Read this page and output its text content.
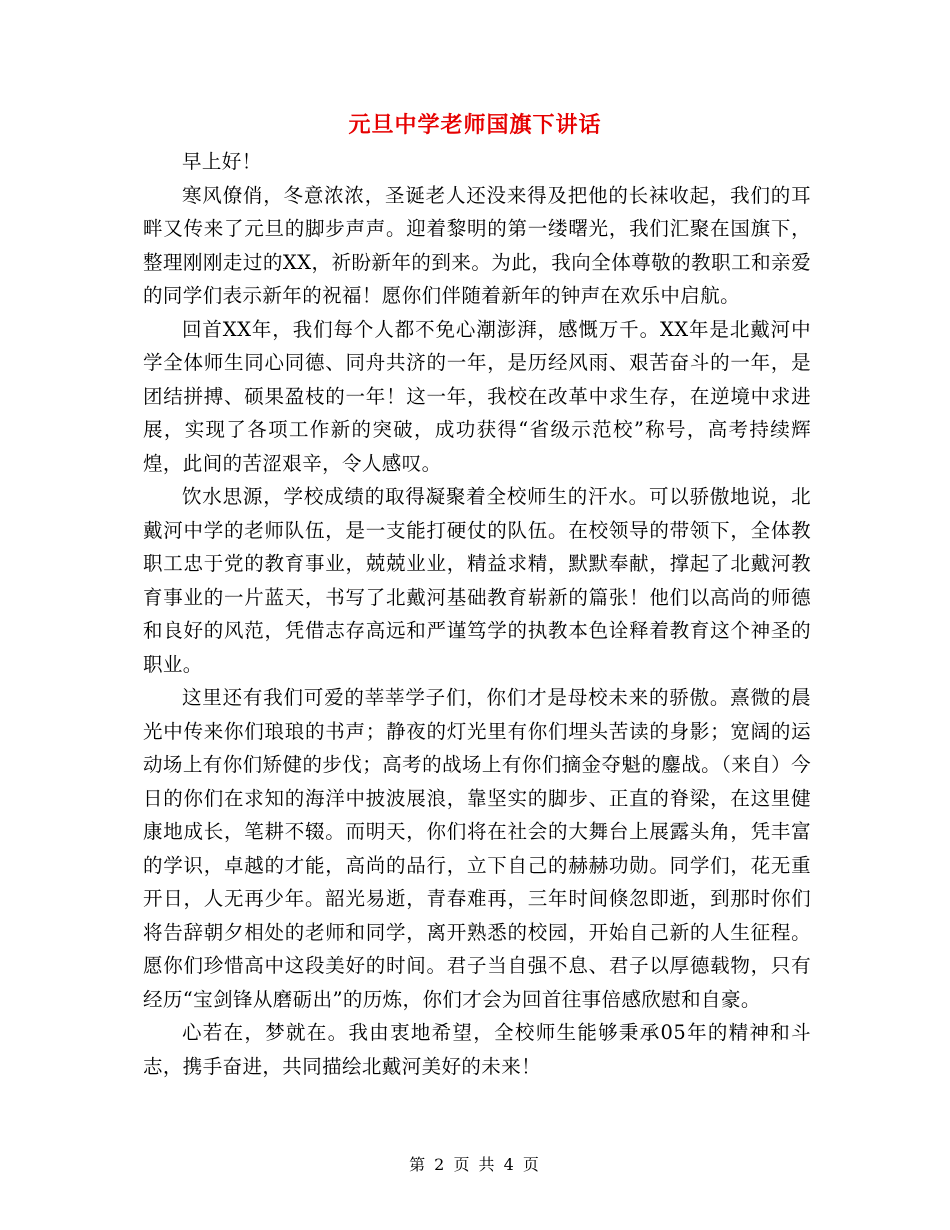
元旦中学老师国旗下讲话

早上好！

寒风僚俏，冬意浓浓，圣诞老人还没来得及把他的长袜收起，我们的耳畔又传来了元旦的脚步声声。迎着黎明的第一缕曙光，我们汇聚在国旗下，整理刚刚走过的XX，祈盼新年的到来。为此，我向全体尊敬的教职工和亲爱的同学们表示新年的祝福！愿你们伴随着新年的钟声在欢乐中启航。

回首XX年，我们每个人都不免心潮澎湃，感慨万千。XX年是北戴河中学全体师生同心同德、同舟共济的一年，是历经风雨、艰苦奋斗的一年，是团结拼搏、硕果盈枝的一年！这一年，我校在改革中求生存，在逆境中求进展，实现了各项工作新的突破，成功获得“省级示范校”称号，高考持续辉煌，此间的苦涩艰辛，令人感叹。

饮水思源，学校成绩的取得凝聚着全校师生的汗水。可以骄傲地说，北戴河中学的老师队伍，是一支能打硬仗的队伍。在校领导的带领下，全体教职工忠于党的教育事业，兢兢业业，精益求精，默默奉献，撑起了北戴河教育事业的一片蓝天，书写了北戴河基础教育崭新的篇张！他们以高尚的师德和良好的风范，凭借志存高远和严谨笃学的执教本色诠释着教育这个神圣的职业。

这里还有我们可爱的莘莘学子们，你们才是母校未来的骄傲。熹微的晨光中传来你们琅琅的书声；静夜的灯光里有你们埋头苦读的身影；宽阔的运动场上有你们矫健的步伐；高考的战场上有你们摘金夺魁的鏖战。（来自）今日的你们在求知的海洋中披波展浪，靠坚实的脚步、正直的脊梁，在这里健康地成长，笔耕不辍。而明天，你们将在社会的大舞台上展露头角，凭丰富的学识，卓越的才能，高尚的品行，立下自己的赫赫功勋。同学们，花无重开日，人无再少年。韶光易逝，青春难再，三年时间倏忽即逝，到那时你们将告辞朝夕相处的老师和同学，离开熟悉的校园，开始自己新的人生征程。愿你们珍惜高中这段美好的时间。君子当自强不息、君子以厚德载物，只有经历“宝剑锋从磨砺出”的历炼，你们才会为回首往事倍感欣慰和自豪。

心若在，梦就在。我由衷地希望，全校师生能够秉承05年的精神和斗志，携手奋进，共同描绘北戴河美好的未来！

第 2 页 共 4 页
